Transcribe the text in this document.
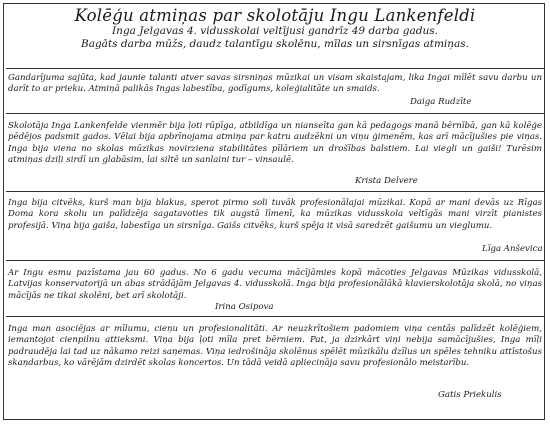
Kolēģu atmiņas par skolotāju Ingu Lankenfeldi
Inga Jelgavas 4. vidusskolai veltījusi gandrīz 49 darba gadus.
Bagāts darba mūžs, daudz talantīgu skolēnu, mīlas un sirsnīgas atmiņas.

Gandarījuma sajūta, kad jaunie talanti atver savas sirsniņas mūzikai un visam skaistajam, lika Ingai mīlēt savu darbu un darīt to ar prieku. Atmiņā palikās Ingas labestība, godīgums, koleģialitāte un smaids.

Daiga Rudzīte

Skolotāja Inga Lankenfelde vienmēr bija ļoti rūpīga, atbildīga un nianseīta gan kā pedagogs manā bērnībā, gan kā kolēģe pēdējos padsmit gados. Vēlai bija apbrīnojama atmiņa par katru audzēkni un viņu ģimenēm, kas arī mācījušies pie viņas. Inga bija viena no skolas mūzikas novirziena stabilitātes pīlāriem un drošības balstiem. Lai viegli un gaiši! Turēsim atmiņas dziļi sirdī un glabāsim, lai siltē un sanlaini tur – vinsaulē.

Krista Delvere

Inga bija citvēks, kurš man bija blakus, sperot pirmo soli tuvāk profesionālajai mūzikai. Kopā ar mani devās uz Rīgas Doma kora skolu un palīdzēja sagatavoties tik augstā līmenī, ka mūzikas vidusskola veltīgās mani virzīt pianistes profesijā. Viņa bija gaiša, labestīga un sirsnīga. Gaišs citvēks, kurš spēja it visā saredzēt gaišumu un vieglumu.

Līga Anševica

Ar Ingu esmu pazīstama jau 60 gadus. No 6 gadu vecuma mācījāmies kopā mācoties Jelgavas Mūzikas vidusskolā, Latvijas konservatorijā un abas strādājām Jelgavas 4. vidusskolā. Inga bija profesionālākā klavierskolotāja skolā, no viņas mācījās ne tikai skolēni, bet arī skolotāji.

Irina Osipova

Inga man asociējas ar mīlumu, cieņu un profesionalitāti. Ar neuzkrītošiem padomiem viņa centās palīdzēt kolēģiem, iemantojot cienpilnu attieksmi. Viņa bija ļoti mīla pret bērniem. Pat, ja dzirkārt viņi nebija samācījušies, Inga mīļi padraudēja lai tad uz nākamo reizi saņemas. Viņa iedrošināja skolēnus spēlēt mūzikālu dzīlus un spēles tehniku attīstošus skaņdarbus, ko vārējām dzirdēt skolas koncertos. Un tādā veidā aplieciņāja savu profesionālo meistarību.

Gatis Priekulis
